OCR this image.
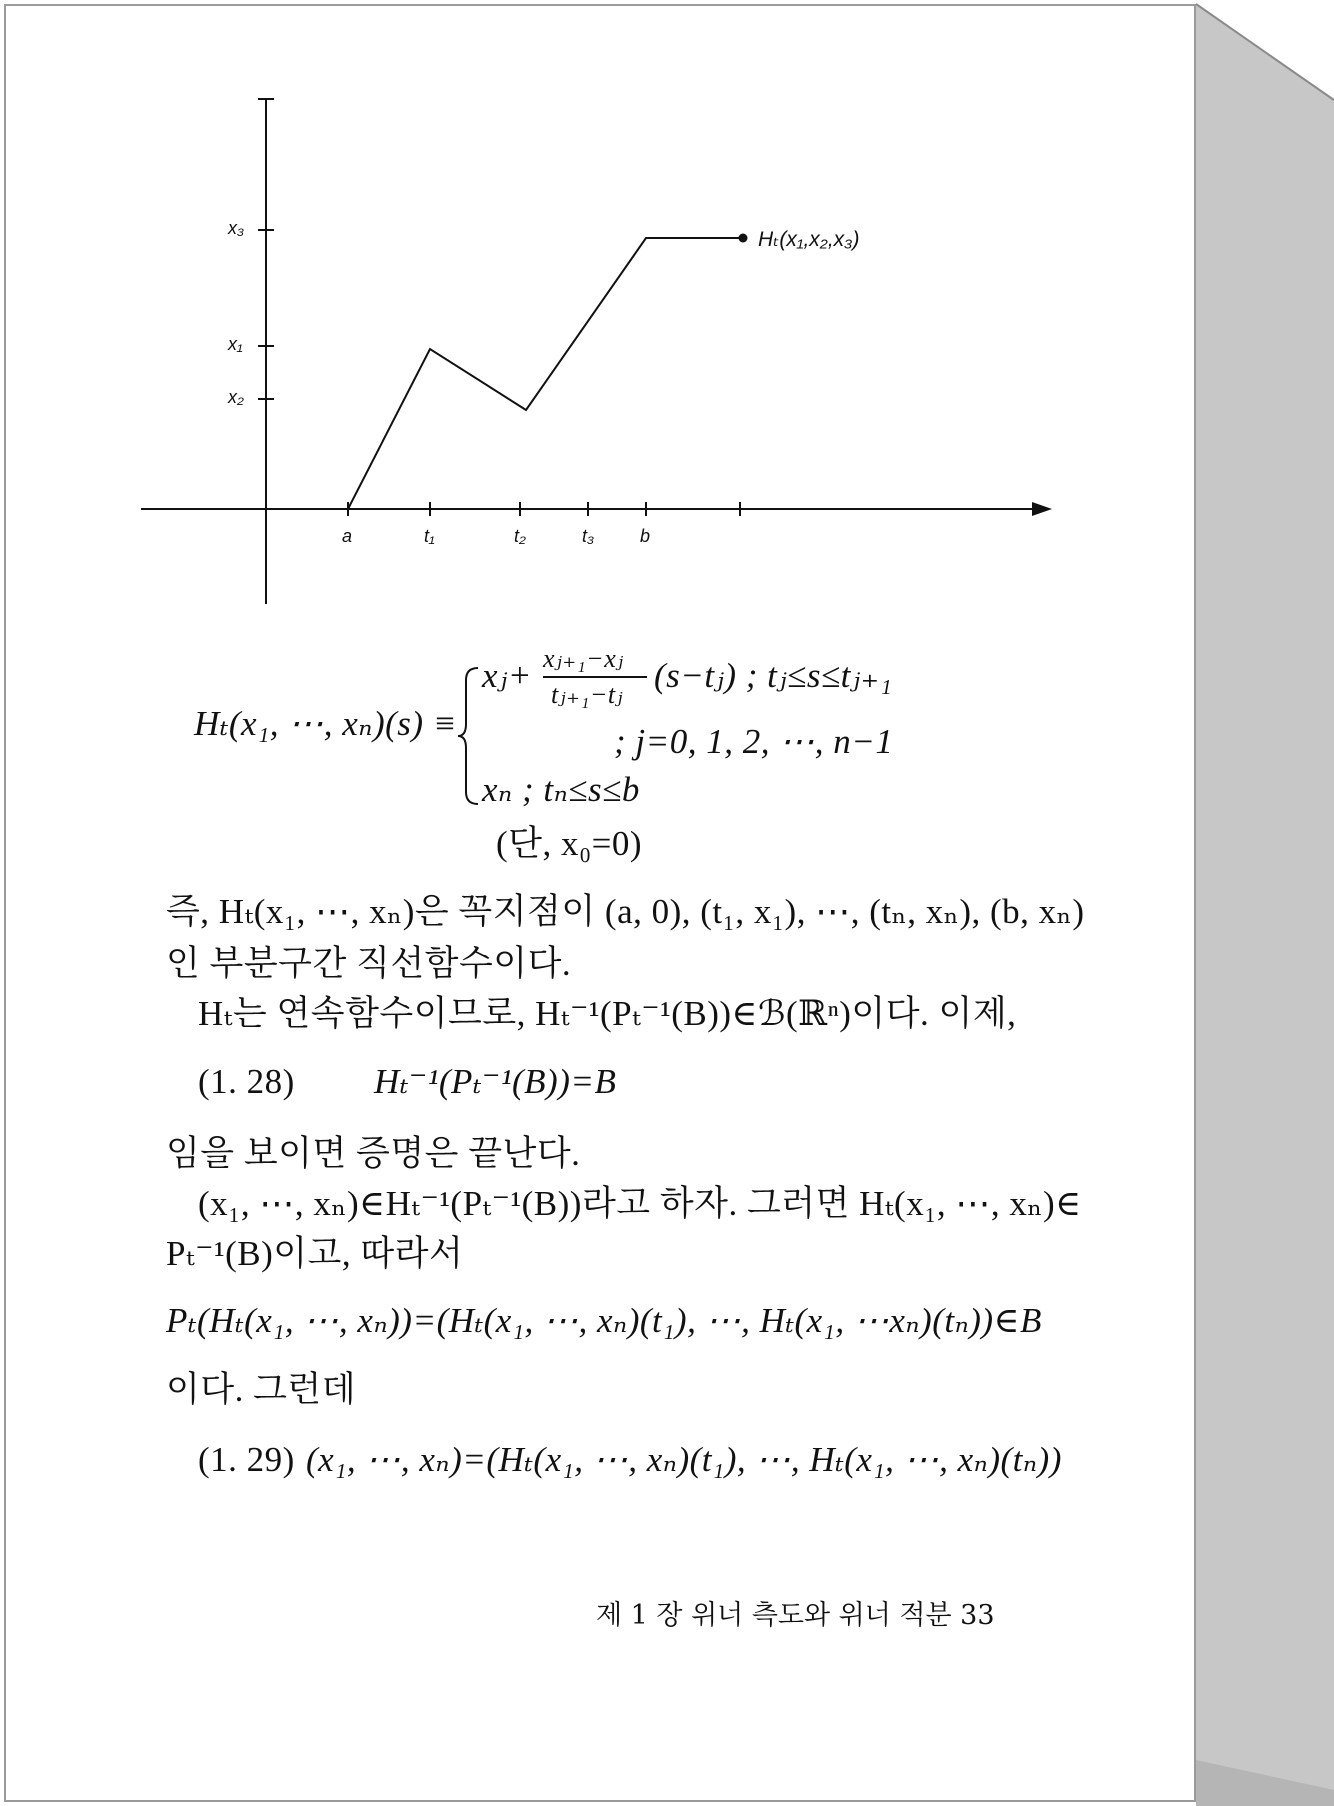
x₃
x₁
x₂
a	t₁	t₂	t₃	b
Hₜ(x₁,x₂,x₃)
Hₜ(x₁, ⋯, xₙ)(s) ≡
xⱼ+ xⱼ₊₁−xⱼ
tⱼ₊₁−tⱼ (s−tⱼ) ; tⱼ≤s≤tⱼ₊₁
; j=0, 1, 2, ⋯, n−1
xₙ ; tₙ≤s≤b
(단, x₀=0)
즉, Hₜ(x₁, ⋯, xₙ)은 꼭지점이 (a, 0), (t₁, x₁), ⋯, (tₙ, xₙ), (b, xₙ)
인 부분구간 직선함수이다.
Hₜ는 연속함수이므로, Hₜ⁻¹(Pₜ⁻¹(B))∈ℬ(ℝⁿ)이다. 이제,
(1. 28) Hₜ⁻¹(Pₜ⁻¹(B))=B
임을 보이면 증명은 끝난다.
(x₁, ⋯, xₙ)∈Hₜ⁻¹(Pₜ⁻¹(B))라고 하자. 그러면 Hₜ(x₁, ⋯, xₙ)∈
Pₜ⁻¹(B)이고, 따라서
Pₜ(Hₜ(x₁, ⋯, xₙ))=(Hₜ(x₁, ⋯, xₙ)(t₁), ⋯, Hₜ(x₁, ⋯xₙ)(tₙ))∈B
이다. 그런데
(1. 29) (x₁, ⋯, xₙ)=(Hₜ(x₁, ⋯, xₙ)(t₁), ⋯, Hₜ(x₁, ⋯, xₙ)(tₙ))
제 1 장 위너 측도와 위너 적분 33
